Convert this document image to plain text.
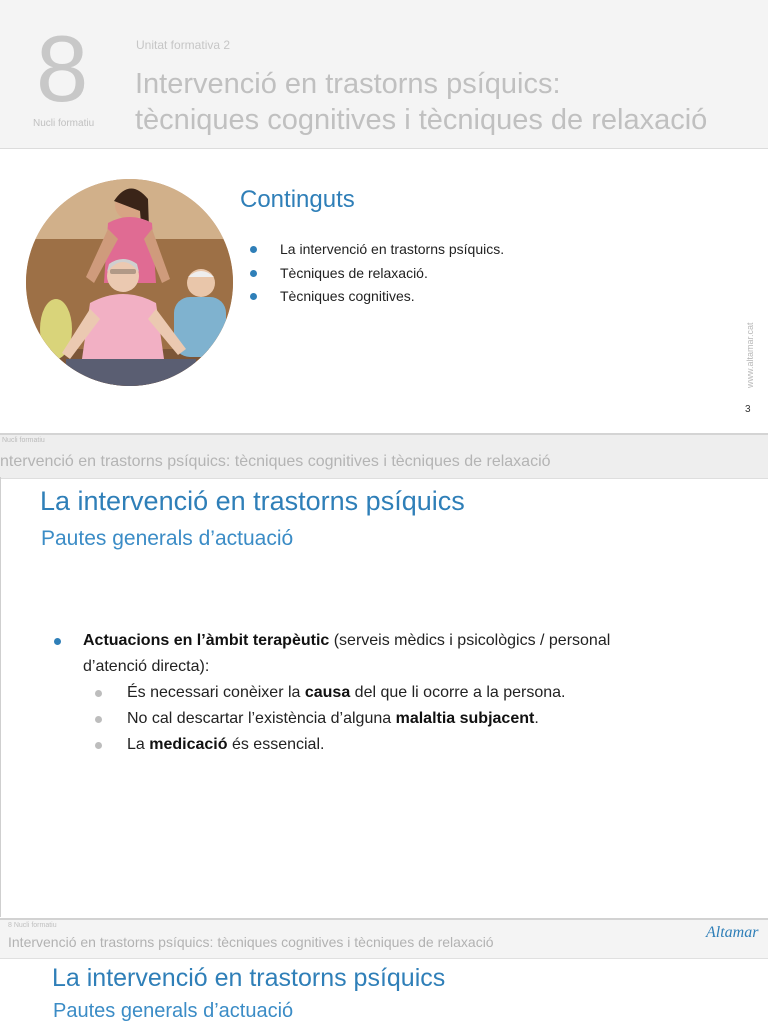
8
Nucli formatiu
Unitat formativa 2
Intervenció en trastorns psíquics:
tècniques cognitives i tècniques de relaxació
Continguts
La intervenció en trastorns psíquics.
Tècniques de relaxació.
Tècniques cognitives.
www.altamar.cat
3
Nucli formatiu
ntervenció en trastorns psíquics: tècniques cognitives i tècniques de relaxació
La intervenció en trastorns psíquics
Pautes generals d’actuació
Actuacions en l’àmbit terapèutic (serveis mèdics i psicològics / personal
d’atenció directa):
És necessari conèixer la causa del que li ocorre a la persona.
No cal descartar l’existència d’alguna malaltia subjacent.
La medicació és essencial.
8 Nucli formatiu
Intervenció en trastorns psíquics: tècniques cognitives i tècniques de relaxació
Altamar
La intervenció en trastorns psíquics
Pautes generals d’actuació
